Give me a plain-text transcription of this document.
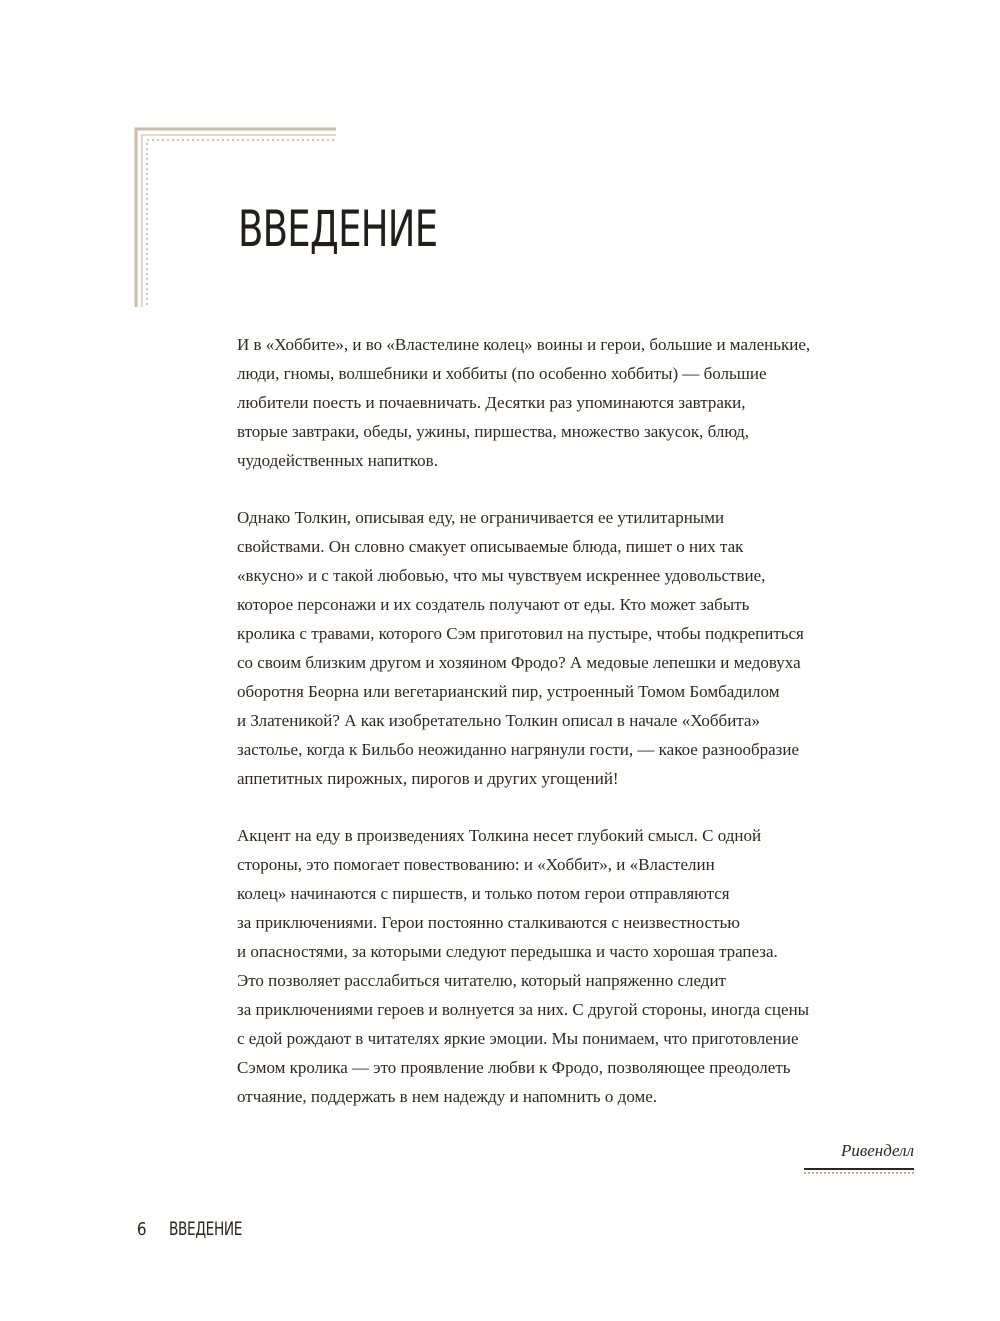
ВВЕДЕНИЕ

И в «Хоббите», и во «Властелине колец» воины и герои, большие и маленькие,
люди, гномы, волшебники и хоббиты (по особенно хоббиты) — большие
любители поесть и почаевничать. Десятки раз упоминаются завтраки,
вторые завтраки, обеды, ужины, пиршества, множество закусок, блюд,
чудодейственных напитков.

Однако Толкин, описывая еду, не ограничивается ее утилитарными
свойствами. Он словно смакует описываемые блюда, пишет о них так
«вкусно» и с такой любовью, что мы чувствуем искреннее удовольствие,
которое персонажи и их создатель получают от еды. Кто может забыть
кролика с травами, которого Сэм приготовил на пустыре, чтобы подкрепиться
со своим близким другом и хозяином Фродо? А медовые лепешки и медовуха
оборотня Беорна или вегетарианский пир, устроенный Томом Бомбадилом
и Златеникой? А как изобретательно Толкин описал в начале «Хоббита»
застолье, когда к Бильбо неожиданно нагрянули гости, — какое разнообразие
аппетитных пирожных, пирогов и других угощений!

Акцент на еду в произведениях Толкина несет глубокий смысл. С одной
стороны, это помогает повествованию: и «Хоббит», и «Властелин
колец» начинаются с пиршеств, и только потом герои отправляются
за приключениями. Герои постоянно сталкиваются с неизвестностью
и опасностями, за которыми следуют передышка и часто хорошая трапеза.
Это позволяет расслабиться читателю, который напряженно следит
за приключениями героев и волнуется за них. С другой стороны, иногда сцены
с едой рождают в читателях яркие эмоции. Мы понимаем, что приготовление
Сэмом кролика — это проявление любви к Фродо, позволяющее преодолеть
отчаяние, поддержать в нем надежду и напомнить о доме.

Ривенделл
6 ВВЕДЕНИЕ
